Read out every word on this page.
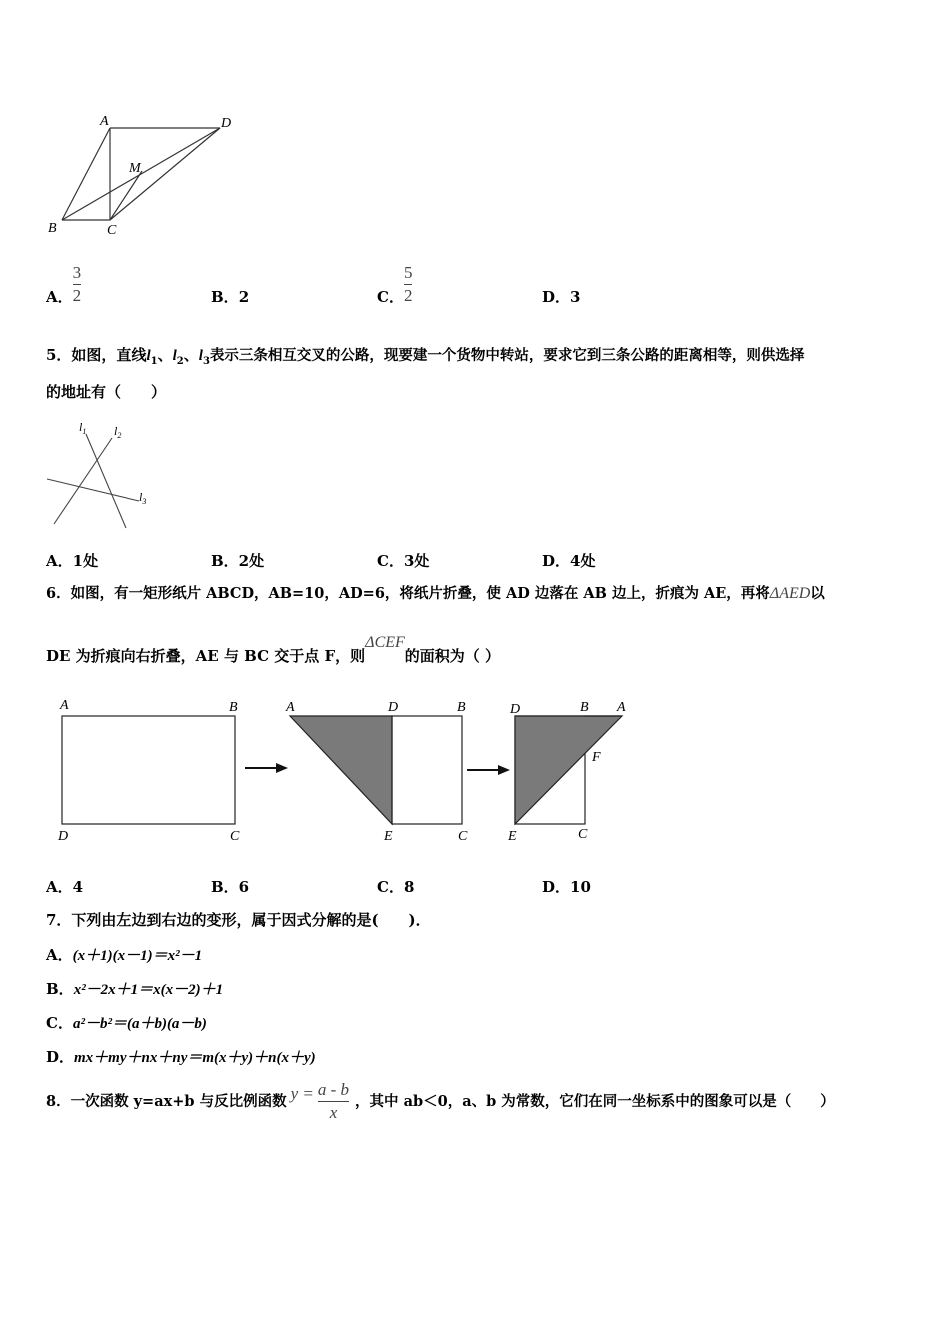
A	D
M
B	C
A． $\frac{3}{2}$	B．2	C． $\frac{5}{2}$	D．3
5．如图，直线$l_1$、$l_2$、$l_3$表示三条相互交叉的公路，现要建一个货物中转站，要求它到三条公路的距离相等，则供选择
的地址有（　　）
$l_1$ $l_2$
$l_3$
A．1处	B．2处	C．3处	D．4处
6．如图，有一矩形纸片 ABCD，AB=10，AD=6，将纸片折叠，使 AD 边落在 AB 边上，折痕为 AE，再将ΔAED以
DE 为折痕向右折叠，AE 与 BC 交于点 F，则ΔCEF的面积为（ ）
A	B
D	C
A	D	B
E	C
D	B A
F
E	C
A．4	B．6	C．8	D．10
7．下列由左边到右边的变形，属于因式分解的是(　　)．
A．(x＋1)(x－1)＝x²－1
B．x²－2x＋1＝x(x－2)＋1
C．a²－b²＝(a＋b)(a－b)
D．mx＋my＋nx＋ny＝m(x＋y)＋n(x＋y)
8．一次函数 y=ax+b 与反比例函数 $y = \frac{a - b}{x}$ ，其中 ab＜0，a、b 为常数，它们在同一坐标系中的图象可以是（　　）
